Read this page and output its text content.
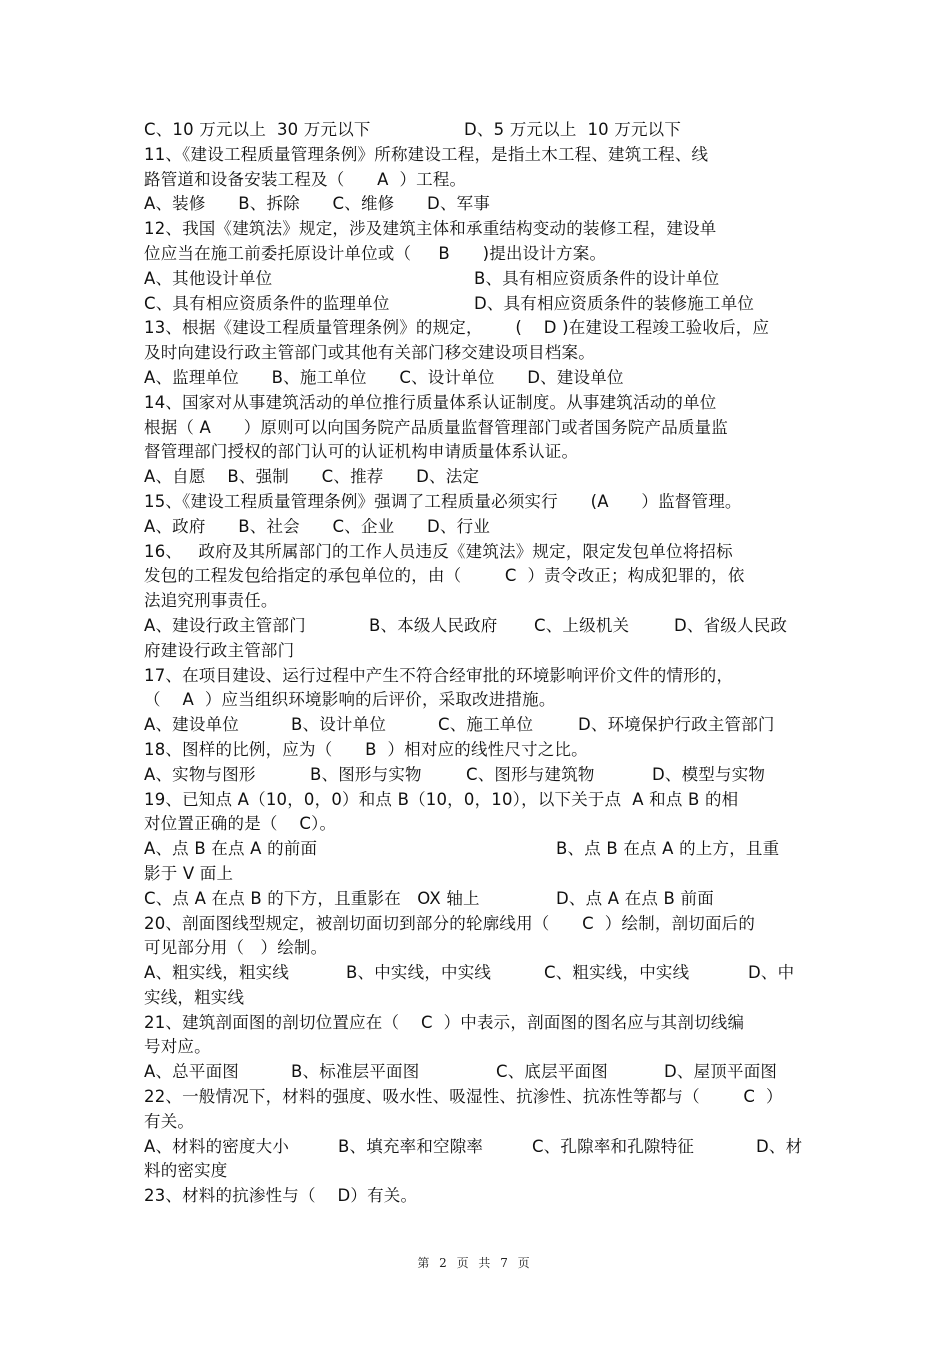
C、10 万元以上  30 万元以下	D、5 万元以上  10 万元以下
11、《建设工程质量管理条例》所称建设工程，是指土木工程、建筑工程、线
路管道和设备安装工程及（      A  ）工程。
A、装修      B、拆除      C、维修      D、军事
12、我国《建筑法》规定，涉及建筑主体和承重结构变动的装修工程，建设单
位应当在施工前委托原设计单位或（     B      )提出设计方案。
A、其他设计单位	B、具有相应资质条件的设计单位
C、具有相应资质条件的监理单位	D、具有相应资质条件的装修施工单位
13、根据《建设工程质量管理条例》的规定，      (    D )在建设工程竣工验收后，应
及时向建设行政主管部门或其他有关部门移交建设项目档案。
A、监理单位      B、施工单位      C、设计单位      D、建设单位
14、国家对从事建筑活动的单位推行质量体系认证制度。从事建筑活动的单位
根据（ A      ）原则可以向国务院产品质量监督管理部门或者国务院产品质量监
督管理部门授权的部门认可的认证机构申请质量体系认证。
A、自愿    B、强制      C、推荐      D、法定
15、《建设工程质量管理条例》强调了工程质量必须实行      (A      ）监督管理。
A、政府      B、社会      C、企业      D、行业
16、   政府及其所属部门的工作人员违反《建筑法》规定，限定发包单位将招标
发包的工程发包给指定的承包单位的，由（        C  ）责令改正；构成犯罪的，依
法追究刑事责任。
A、建设行政主管部门	B、本级人民政府 C、上级机关	D、省级人民政
府建设行政主管部门
17、在项目建设、运行过程中产生不符合经审批的环境影响评价文件的情形的，
（    A  ）应当组织环境影响的后评价，采取改进措施。
A、建设单位	B、设计单位	C、施工单位	D、环境保护行政主管部门
18、图样的比例，应为（      B  ）相对应的线性尺寸之比。
A、实物与图形	B、图形与实物	C、图形与建筑物	D、模型与实物
19、已知点 A（10，0，0）和点 B（10，0，10），以下关于点  A 和点 B 的相
对位置正确的是（    C）。
A、点 B 在点 A 的前面	B、点 B 在点 A 的上方，且重
影于 V 面上
C、点 A 在点 B 的下方，且重影在   OX 轴上	D、点 A 在点 B 前面
20、剖面图线型规定，被剖切面切到部分的轮廓线用（      C  ）绘制，剖切面后的
可见部分用（   ）绘制。
A、粗实线，粗实线	B、中实线，中实线	C、粗实线，中实线	D、中
实线，粗实线
21、建筑剖面图的剖切位置应在（    C  ）中表示，剖面图的图名应与其剖切线编
号对应。
A、总平面图	B、标准层平面图	C、底层平面图	D、屋顶平面图
22、一般情况下，材料的强度、吸水性、吸湿性、抗渗性、抗冻性等都与（        C  ）
有关。
A、材料的密度大小	B、填充率和空隙率	C、孔隙率和孔隙特征	D、材
料的密实度
23、材料的抗渗性与（    D）有关。
第 2 页 共 7 页
